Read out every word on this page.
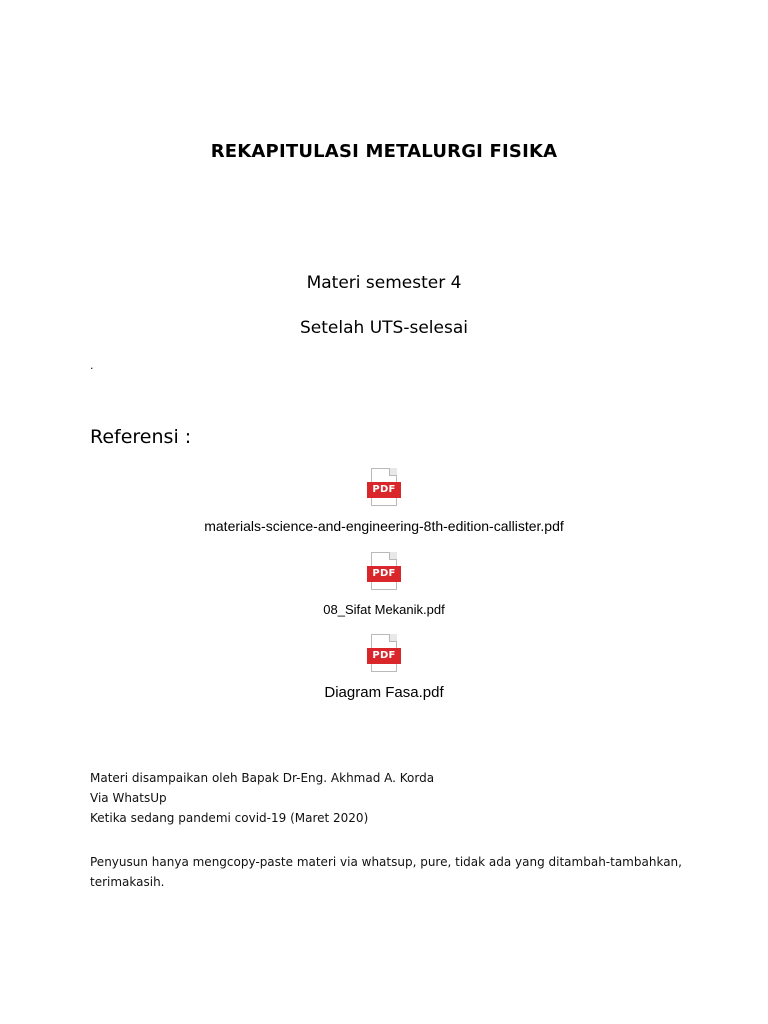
REKAPITULASI METALURGI FISIKA
Materi semester 4
Setelah UTS-selesai
.
Referensi :
PDF
materials-science-and-engineering-8th-edition-callister.pdf
PDF
08_Sifat Mekanik.pdf
PDF
Diagram Fasa.pdf

Materi disampaikan oleh Bapak Dr-Eng. Akhmad A. Korda

Via WhatsUp

Ketika sedang pandemi covid-19 (Maret 2020)

Penyusun hanya mengcopy-paste materi via whatsup, pure, tidak ada yang ditambah-tambahkan,

terimakasih.
